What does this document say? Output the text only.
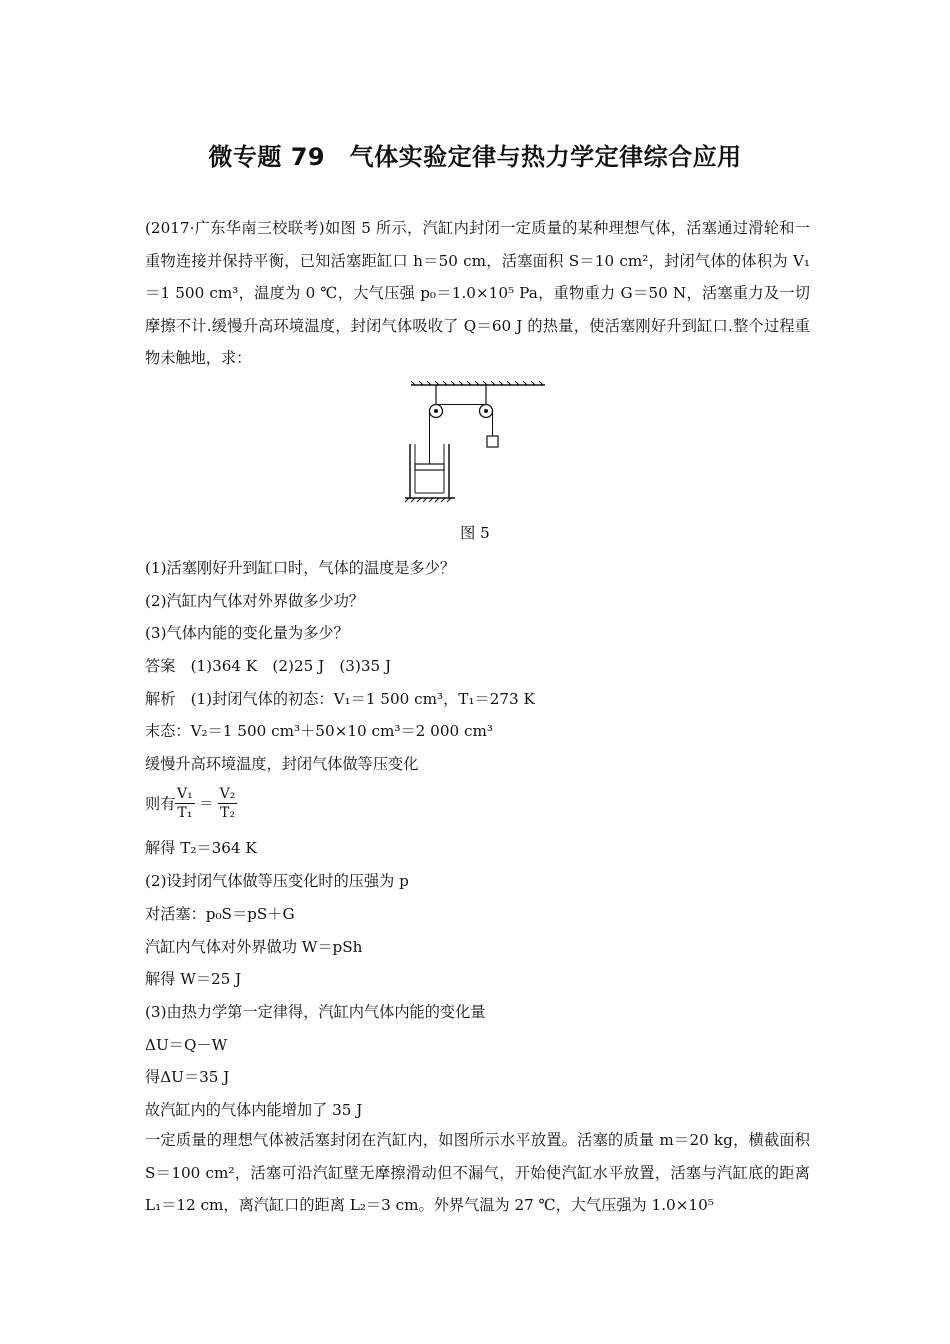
微专题 79　气体实验定律与热力学定律综合应用
(2017·广东华南三校联考)如图 5 所示，汽缸内封闭一定质量的某种理想气体，活塞通过滑轮和一重物连接并保持平衡，已知活塞距缸口 h＝50 cm，活塞面积 S＝10 cm²，封闭气体的体积为 V₁＝1 500 cm³，温度为 0 ℃，大气压强 p₀＝1.0×10⁵ Pa，重物重力 G＝50 N，活塞重力及一切摩擦不计.缓慢升高环境温度，封闭气体吸收了 Q＝60 J 的热量，使活塞刚好升到缸口.整个过程重物未触地，求：
图 5
(1)活塞刚好升到缸口时，气体的温度是多少？
(2)汽缸内气体对外界做多少功？
(3)气体内能的变化量为多少？
答案　(1)364 K　(2)25 J　(3)35 J
解析　(1)封闭气体的初态：V₁＝1 500 cm³，T₁＝273 K
末态：V₂＝1 500 cm³＋50×10 cm³＝2 000 cm³
缓慢升高环境温度，封闭气体做等压变化
则有 $\frac{\text{V₁}}{\text{T₁}} = \frac{\text{V₂}}{\text{T₂}}$
解得 T₂＝364 K
(2)设封闭气体做等压变化时的压强为 p
对活塞：p₀S＝pS＋G
汽缸内气体对外界做功 W＝pSh
解得 W＝25 J
(3)由热力学第一定律得，汽缸内气体内能的变化量
ΔU＝Q－W
得ΔU＝35 J
故汽缸内的气体内能增加了 35 J
一定质量的理想气体被活塞封闭在汽缸内，如图所示水平放置。活塞的质量 m＝20 kg，横截面积 S＝100 cm²，活塞可沿汽缸壁无摩擦滑动但不漏气，开始使汽缸水平放置，活塞与汽缸底的距离 L₁＝12 cm，离汽缸口的距离 L₂＝3 cm。外界气温为 27 ℃，大气压强为 1.0×10⁵
